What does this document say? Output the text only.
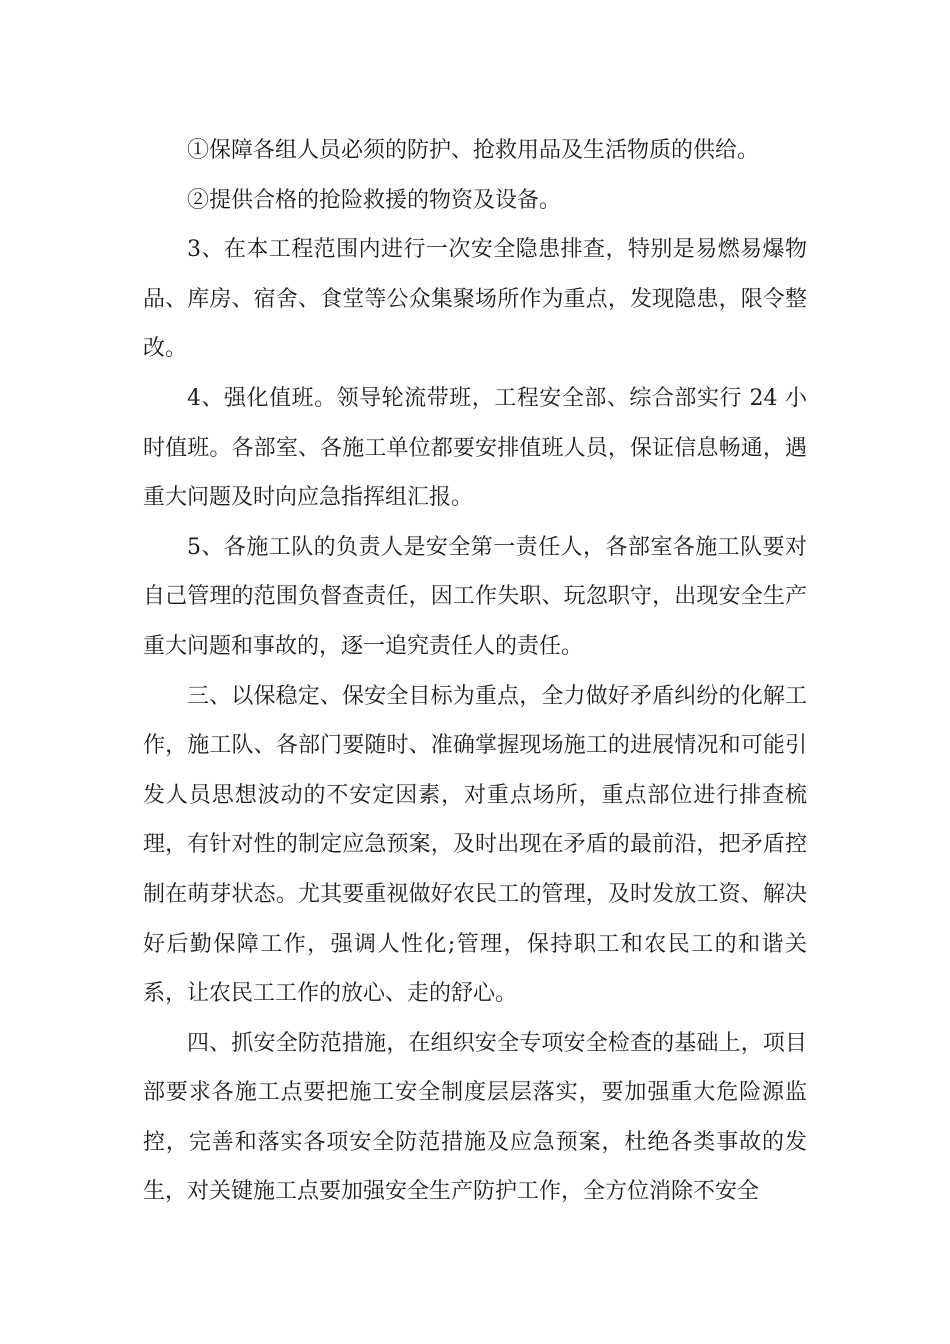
①保障各组人员必须的防护、抢救用品及生活物质的供给。

②提供合格的抢险救援的物资及设备。

3、在本工程范围内进行一次安全隐患排查，特别是易燃易爆物品、库房、宿舍、食堂等公众集聚场所作为重点，发现隐患，限令整改。

4、强化值班。领导轮流带班，工程安全部、综合部实行 24 小时值班。各部室、各施工单位都要安排值班人员，保证信息畅通，遇重大问题及时向应急指挥组汇报。

5、各施工队的负责人是安全第一责任人，各部室各施工队要对自己管理的范围负督查责任，因工作失职、玩忽职守，出现安全生产重大问题和事故的，逐一追究责任人的责任。

三、以保稳定、保安全目标为重点，全力做好矛盾纠纷的化解工作，施工队、各部门要随时、准确掌握现场施工的进展情况和可能引发人员思想波动的不安定因素，对重点场所，重点部位进行排查梳理，有针对性的制定应急预案，及时出现在矛盾的最前沿，把矛盾控制在萌芽状态。尤其要重视做好农民工的管理，及时发放工资、解决好后勤保障工作，强调人性化;管理，保持职工和农民工的和谐关系，让农民工工作的放心、走的舒心。

四、抓安全防范措施，在组织安全专项安全检查的基础上，项目部要求各施工点要把施工安全制度层层落实，要加强重大危险源监控，完善和落实各项安全防范措施及应急预案，杜绝各类事故的发生，对关键施工点要加强安全生产防护工作，全方位消除不安全
